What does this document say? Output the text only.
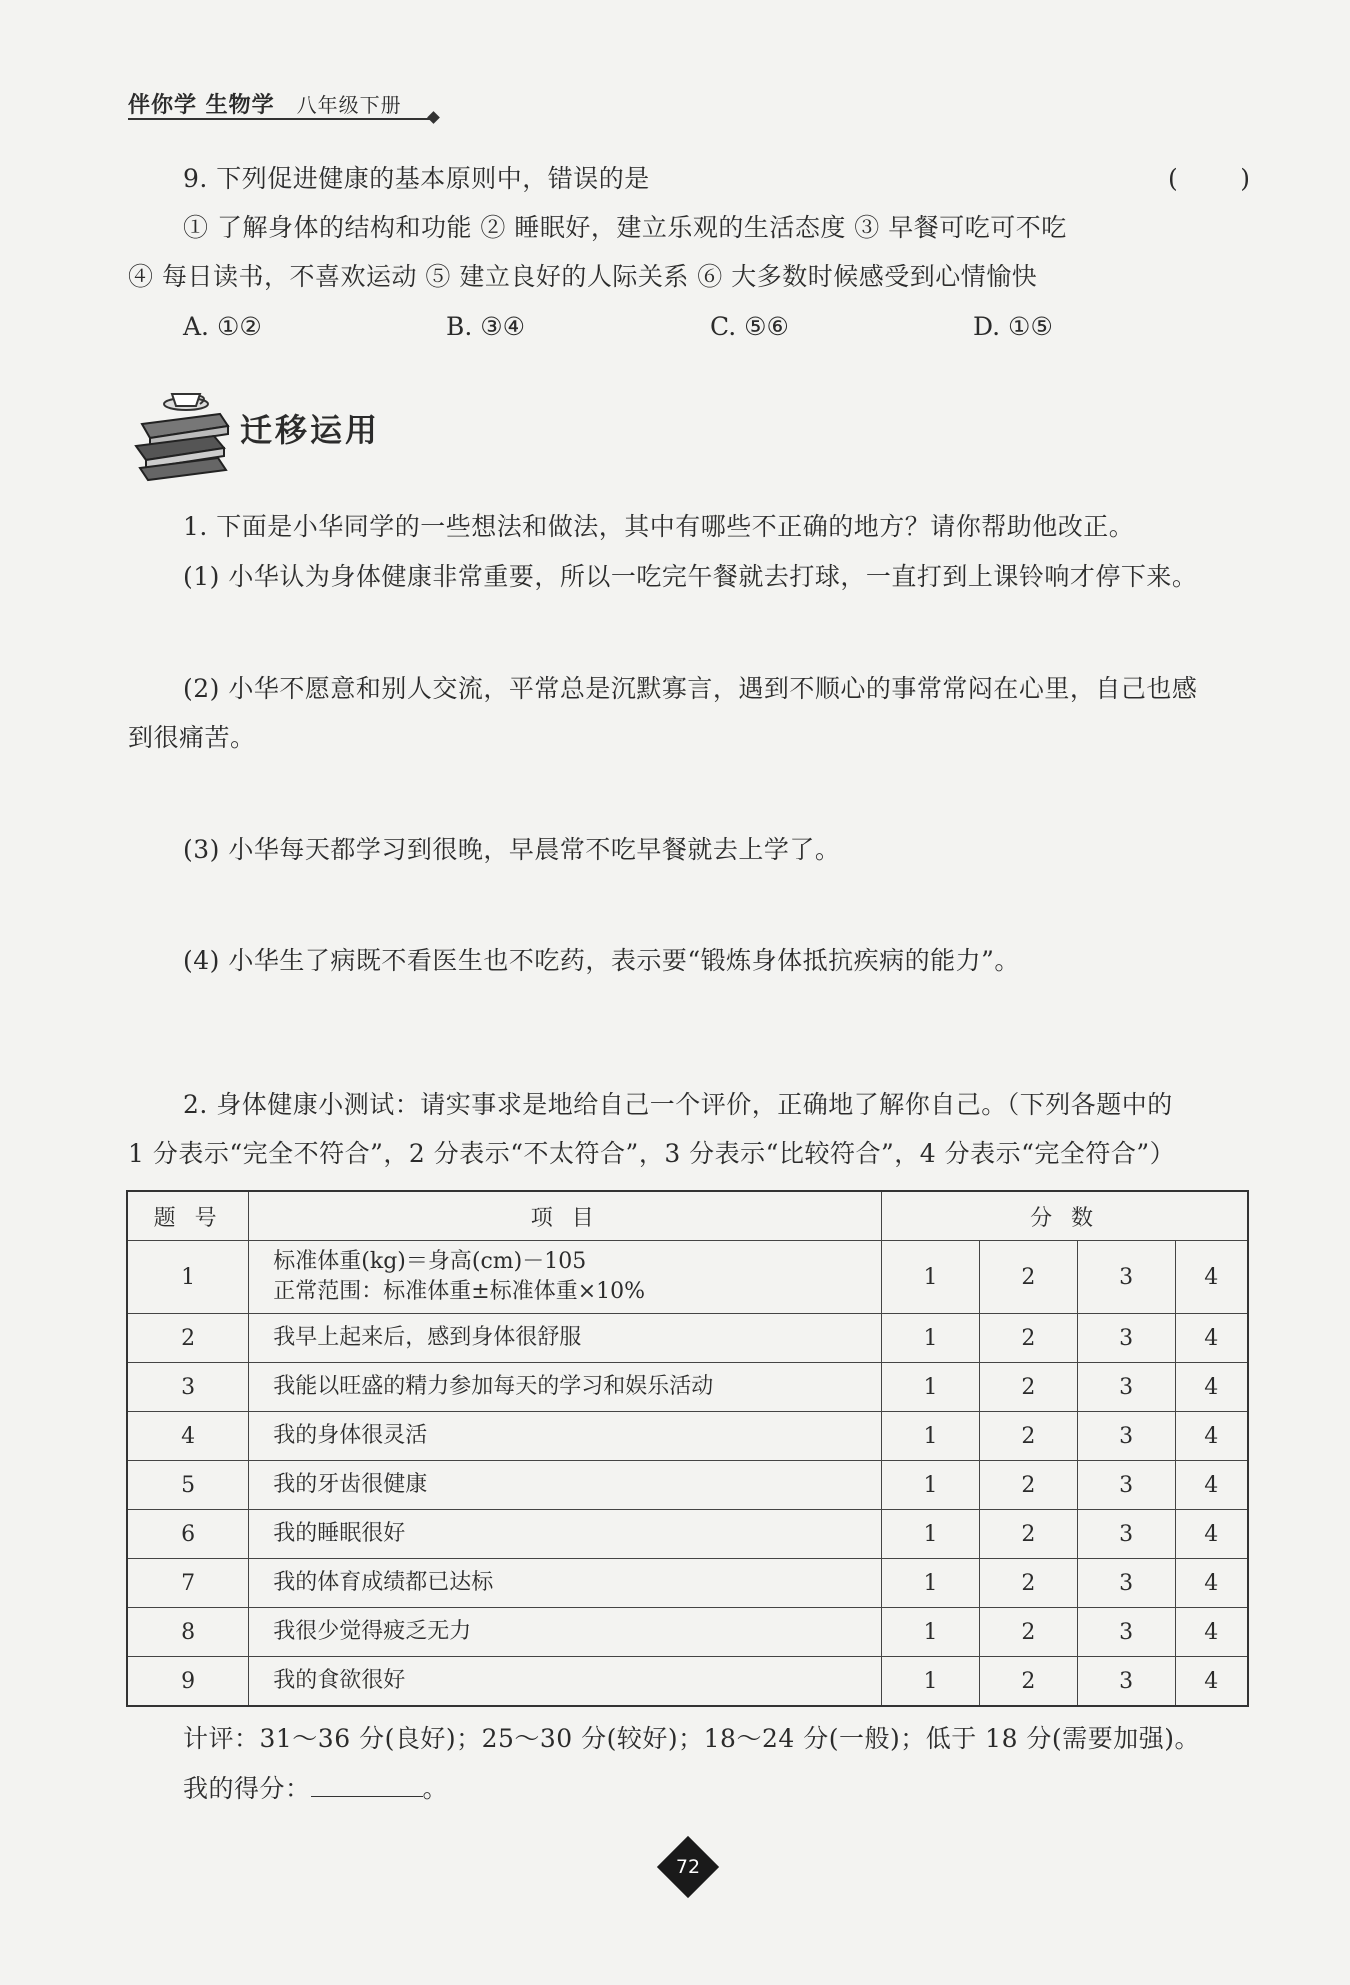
伴你学 生物学 八年级下册
9. 下列促进健康的基本原则中，错误的是	( )
① 了解身体的结构和功能 ② 睡眠好，建立乐观的生活态度 ③ 早餐可吃可不吃
④ 每日读书，不喜欢运动 ⑤ 建立良好的人际关系 ⑥ 大多数时候感受到心情愉快
A. ①②	B. ③④	C. ⑤⑥	D. ①⑤
迁移运用
1. 下面是小华同学的一些想法和做法，其中有哪些不正确的地方？请你帮助他改正。
(1) 小华认为身体健康非常重要，所以一吃完午餐就去打球，一直打到上课铃响才停下来。
(2) 小华不愿意和别人交流，平常总是沉默寡言，遇到不顺心的事常常闷在心里，自己也感
到很痛苦。
(3) 小华每天都学习到很晚，早晨常不吃早餐就去上学了。
(4) 小华生了病既不看医生也不吃药，表示要“锻炼身体抵抗疾病的能力”。
2. 身体健康小测试：请实事求是地给自己一个评价，正确地了解你自己。（下列各题中的
1 分表示“完全不符合”，2 分表示“不太符合”，3 分表示“比较符合”，4 分表示“完全符合”）
题 号	项 目	分 数			
1	标准体重(kg)＝身高(cm)－105
正常范围：标准体重±标准体重×10%	1	2	3	4
2	我早上起来后，感到身体很舒服	1	2	3	4
3	我能以旺盛的精力参加每天的学习和娱乐活动	1	2	3	4
4	我的身体很灵活	1	2	3	4
5	我的牙齿很健康	1	2	3	4
6	我的睡眠很好	1	2	3	4
7	我的体育成绩都已达标	1	2	3	4
8	我很少觉得疲乏无力	1	2	3	4
9	我的食欲很好	1	2	3	4
计评：31～36 分(良好)；25～30 分(较好)；18～24 分(一般)；低于 18 分(需要加强)。
我的得分：	。
72
